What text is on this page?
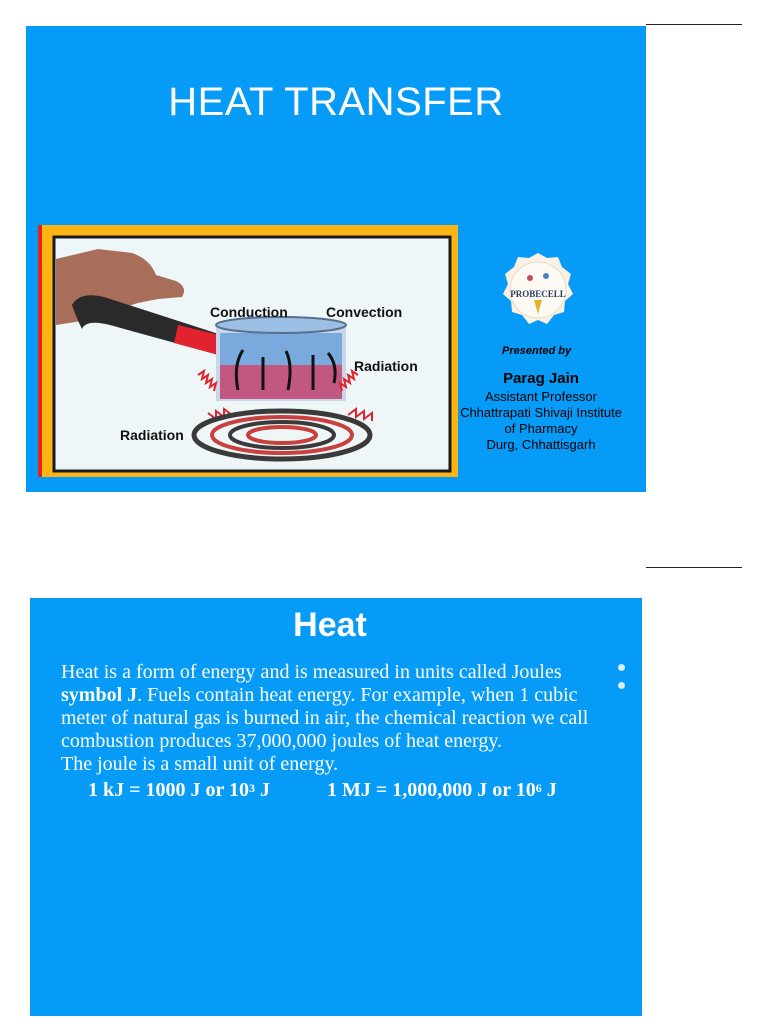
HEAT TRANSFER
Conduction	Convection
Radiation
Radiation
PROBECELL
Presented by
Parag Jain
Assistant Professor
Chhattrapati Shivaji Institute
of Pharmacy
Durg, Chhattisgarh
Heat
Heat is a form of energy and is measured in units called Joules symbol J. Fuels contain heat energy. For example, when 1 cubic meter of natural gas is burned in air, the chemical reaction we call combustion produces 37,000,000 joules of heat energy.
The joule is a small unit of energy.
1 kJ = 1000 J or $10^3$ J	1 MJ = 1,000,000 J or $10^6$ J
